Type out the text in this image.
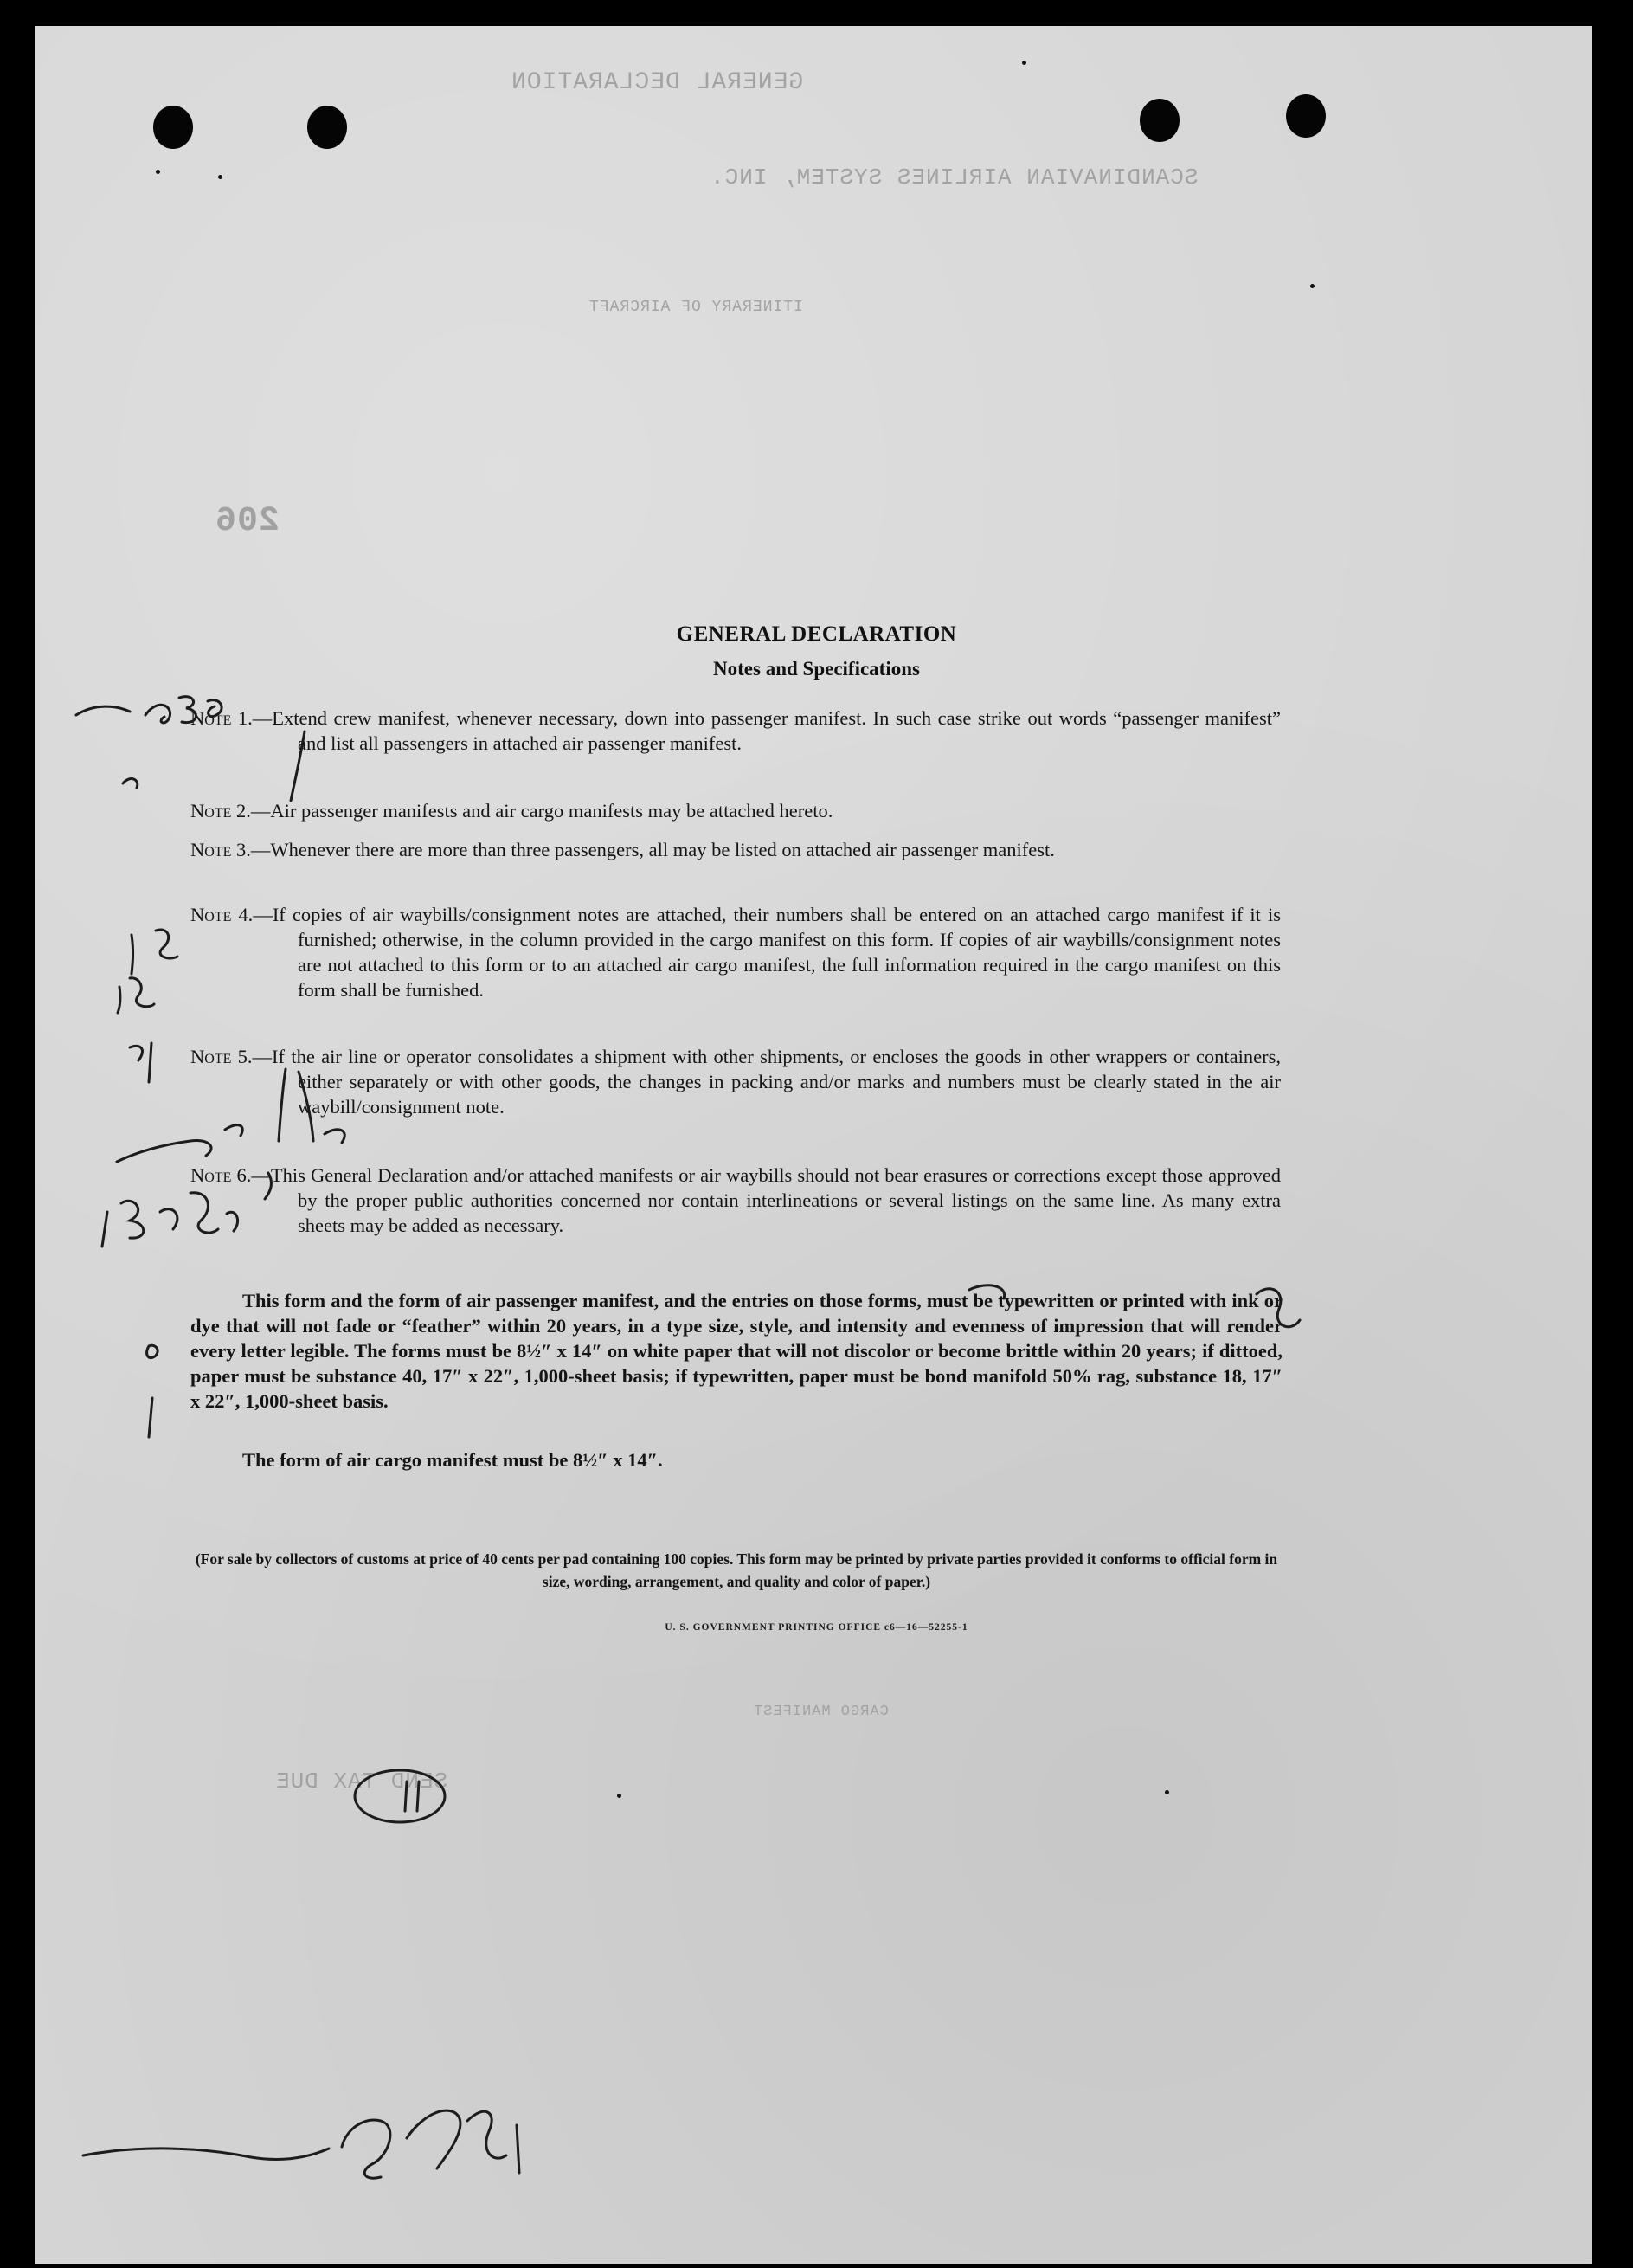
GENERAL DECLARATION
SCANDINAVIAN AIRLINES SYSTEM, INC.
ITINERARY OF AIRCRAFT
206
CARGO MANIFEST
SEND TAX DUE
GENERAL DECLARATION
Notes and Specifications
Note 1.—Extend crew manifest, whenever necessary, down into passenger manifest. In such case strike out words “passenger manifest” and list all passengers in attached air passenger manifest.
Note 2.—Air passenger manifests and air cargo manifests may be attached hereto.
Note 3.—Whenever there are more than three passengers, all may be listed on attached air passenger manifest.
Note 4.—If copies of air waybills/consignment notes are attached, their numbers shall be entered on an attached cargo manifest if it is furnished; otherwise, in the column provided in the cargo manifest on this form. If copies of air waybills/consignment notes are not attached to this form or to an attached air cargo manifest, the full information required in the cargo manifest on this form shall be furnished.
Note 5.—If the air line or operator consolidates a shipment with other shipments, or encloses the goods in other wrappers or containers, either separately or with other goods, the changes in packing and/or marks and numbers must be clearly stated in the air waybill/consignment note.
Note 6.—This General Declaration and/or attached manifests or air waybills should not bear erasures or corrections except those approved by the proper public authorities concerned nor contain interlineations or several listings on the same line. As many extra sheets may be added as necessary.
This form and the form of air passenger manifest, and the entries on those forms, must be typewritten or printed with ink or dye that will not fade or “feather” within 20 years, in a type size, style, and intensity and evenness of impression that will render every letter legible. The forms must be 8½″ x 14″ on white paper that will not discolor or become brittle within 20 years; if dittoed, paper must be substance 40, 17″ x 22″, 1,000-sheet basis; if typewritten, paper must be bond manifold 50% rag, substance 18, 17″ x 22″, 1,000-sheet basis.
The form of air cargo manifest must be 8½″ x 14″.
(For sale by collectors of customs at price of 40 cents per pad containing 100 copies. This form may be printed by private parties provided it conforms to official form in size, wording, arrangement, and quality and color of paper.)
U. S. GOVERNMENT PRINTING OFFICE c6—16—52255-1
